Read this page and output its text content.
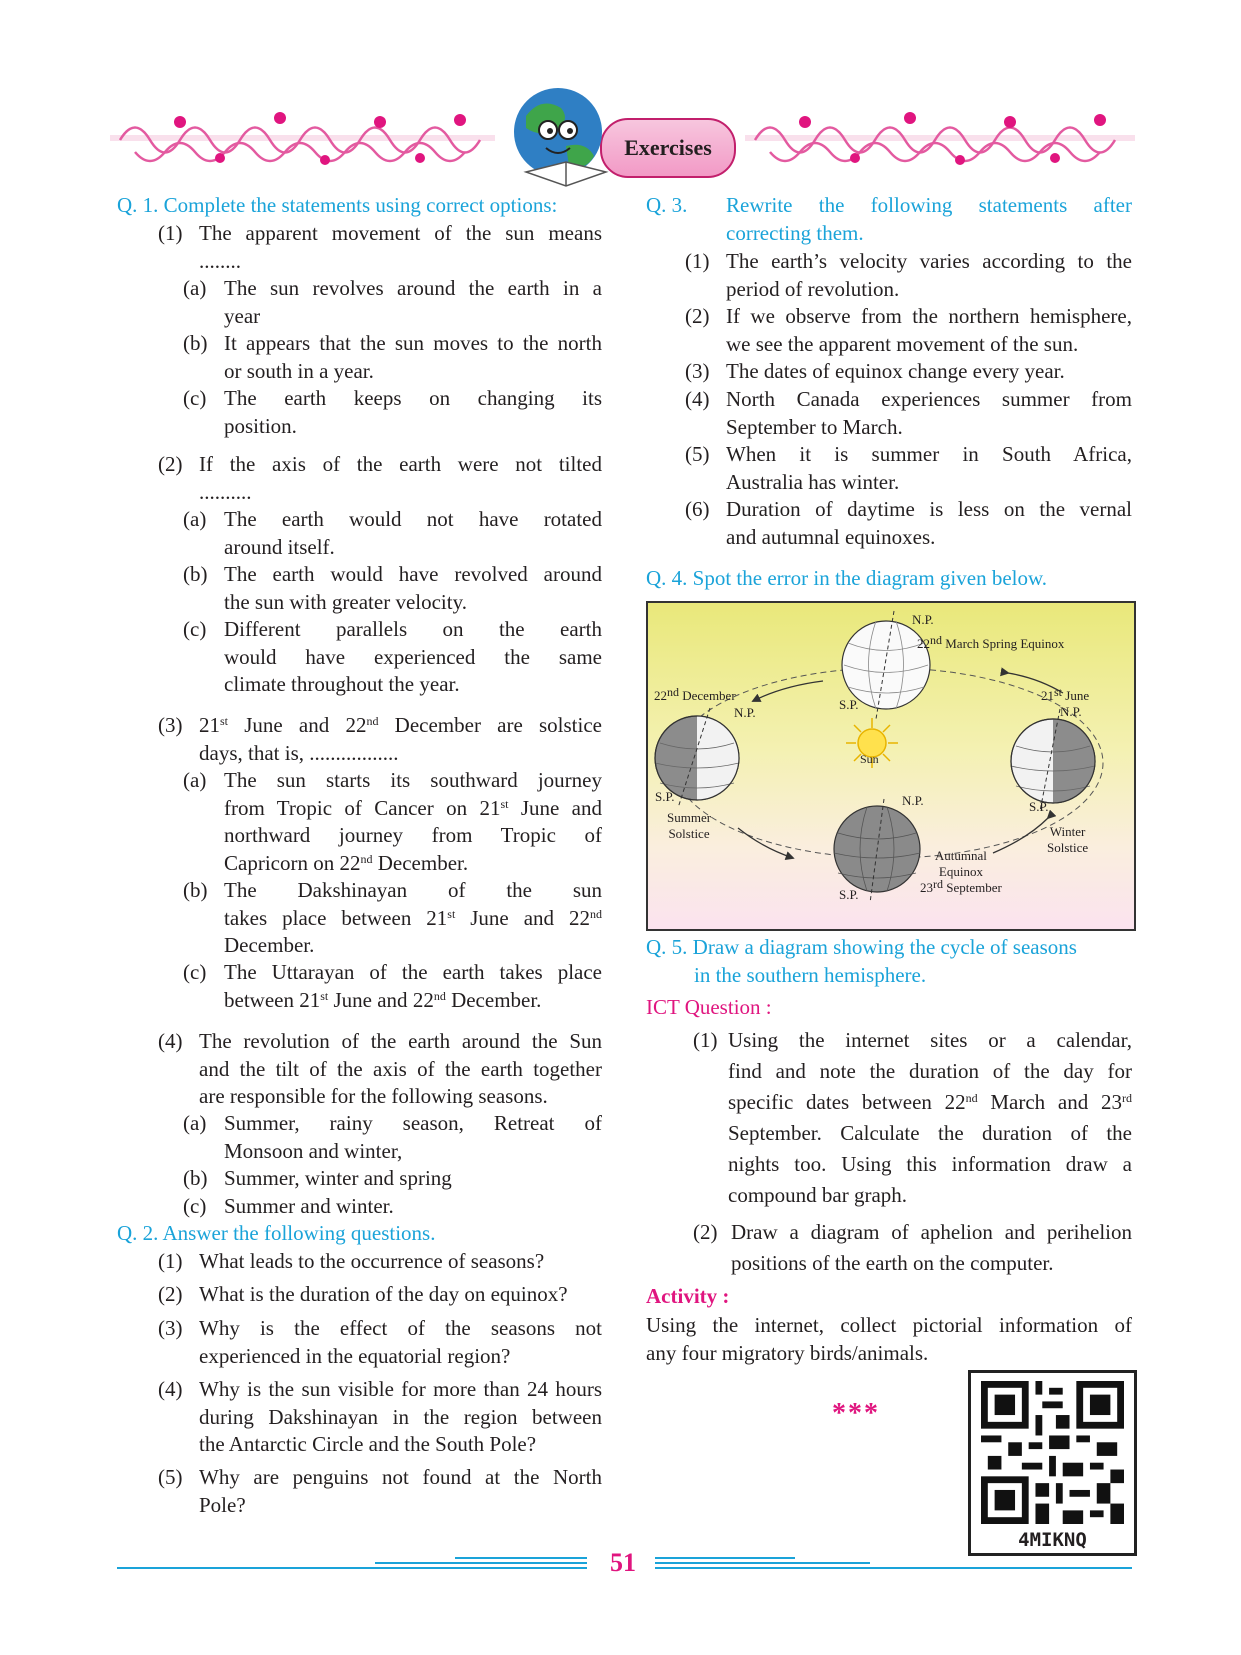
Exercises
Q. 1. Complete the statements using correct options:
(1) The apparent movement of the sun means
........
(a) The sun revolves around the earth in a
year
(b) It appears that the sun moves to the north
or south in a year.
(c) The earth keeps on changing its
position.
(2) If the axis of the earth were not tilted
..........
(a) The earth would not have rotated
around itself.
(b) The earth would have revolved around
the sun with greater velocity.
(c) Different parallels on the earth
would have experienced the same
climate throughout the year.
(3) 21st June and 22nd December are solstice
days, that is, .................
(a) The sun starts its southward journey
from Tropic of Cancer on 21st June and
northward journey from Tropic of
Capricorn on 22nd December.
(b) The Dakshinayan of the sun
takes place between 21st June and 22nd
December.
(c) The Uttarayan of the earth takes place
between 21st June and 22nd December.
(4) The revolution of the earth around the Sun
and the tilt of the axis of the earth together
are responsible for the following seasons.
(a) Summer, rainy season, Retreat of
Monsoon and winter,
(b) Summer, winter and spring
(c) Summer and winter.
Q. 2. Answer the following questions.
(1) What leads to the occurrence of seasons?
(2) What is the duration of the day on equinox?
(3) Why is the effect of the seasons not
experienced in the equatorial region?
(4) Why is the sun visible for more than 24 hours
during Dakshinayan in the region between
the Antarctic Circle and the South Pole?
(5) Why are penguins not found at the North
Pole?
Q. 3. Rewrite the following statements after
correcting them.
(1) The earth’s velocity varies according to the
period of revolution.
(2) If we observe from the northern hemisphere,
we see the apparent movement of the sun.
(3) The dates of equinox change every year.
(4) North Canada experiences summer from
September to March.
(5) When it is summer in South Africa,
Australia has winter.
(6) Duration of daytime is less on the vernal
and autumnal equinoxes.
Q. 4. Spot the error in the diagram given below.
N.P.
22nd March Spring Equinox
S.P.
22nd December
N.P.
S.P.
Summer
Solstice
21st June
N.P.
S.P.
Winter
Solstice
Sun
N.P.
S.P.
Autumnal
Equinox
23rd September
Q. 5. Draw a diagram showing the cycle of seasons
in the southern hemisphere.
ICT Question :
(1) Using the internet sites or a calendar,
find and note the duration of the day for
specific dates between 22nd March and 23rd
September. Calculate the duration of the
nights too. Using this information draw a
compound bar graph.
(2) Draw a diagram of aphelion and perihelion
positions of the earth on the computer.
Activity :
Using the internet, collect pictorial information of
any four migratory birds/animals.
***
4MIKNQ
51
